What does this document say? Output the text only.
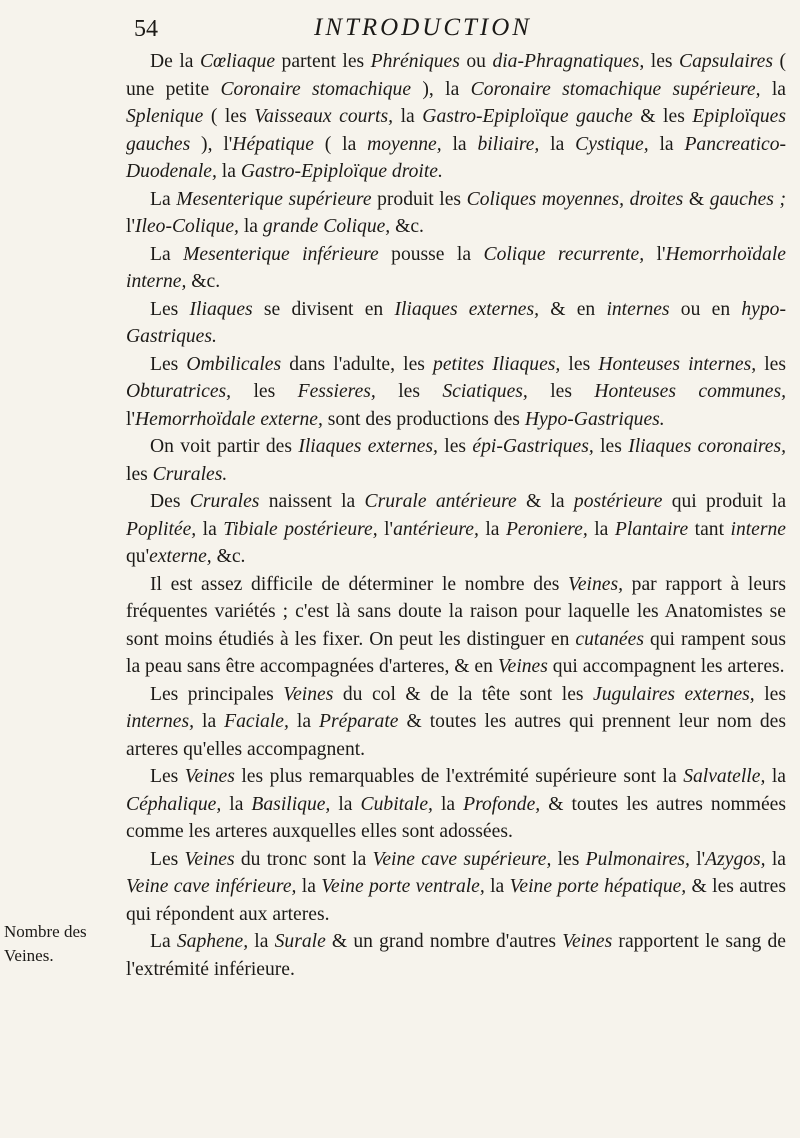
54	INTRODUCTION
Nombre des
Veines.

De la Cœliaque partent les Phréniques ou dia-Phragnatiques, les Capsulaires ( une petite Coronaire stomachique ), la Coronaire stomachique supérieure, la Splenique ( les Vaisseaux courts, la Gastro-Epiploïque gauche & les Epiploïques gauches ), l'Hépatique ( la moyenne, la biliaire, la Cystique, la Pancreatico-Duodenale, la Gastro-Epiploïque droite.

La Mesenterique supérieure produit les Coliques moyennes, droites & gauches ; l'Ileo-Colique, la grande Colique, &c.

La Mesenterique inférieure pousse la Colique recurrente, l'Hemorrhoïdale interne, &c.

Les Iliaques se divisent en Iliaques externes, & en internes ou en hypo-Gastriques.

Les Ombilicales dans l'adulte, les petites Iliaques, les Honteuses internes, les Obturatrices, les Fessieres, les Sciatiques, les Honteuses communes, l'Hemorrhoïdale externe, sont des productions des Hypo-Gastriques.

On voit partir des Iliaques externes, les épi-Gastriques, les Iliaques coronaires, les Crurales.

Des Crurales naissent la Crurale antérieure & la postérieure qui produit la Poplitée, la Tibiale postérieure, l'antérieure, la Peroniere, la Plantaire tant interne qu'externe, &c.

Il est assez difficile de déterminer le nombre des Veines, par rapport à leurs fréquentes variétés ; c'est là sans doute la raison pour laquelle les Anatomistes se sont moins étudiés à les fixer. On peut les distinguer en cutanées qui rampent sous la peau sans être accompagnées d'arteres, & en Veines qui accompagnent les arteres.

Les principales Veines du col & de la tête sont les Jugulaires externes, les internes, la Faciale, la Préparate & toutes les autres qui prennent leur nom des arteres qu'elles accompagnent.

Les Veines les plus remarquables de l'extrémité supérieure sont la Salvatelle, la Céphalique, la Basilique, la Cubitale, la Profonde, & toutes les autres nommées comme les arteres auxquelles elles sont adossées.

Les Veines du tronc sont la Veine cave supérieure, les Pulmonaires, l'Azygos, la Veine cave inférieure, la Veine porte ventrale, la Veine porte hépatique, & les autres qui répondent aux arteres.

La Saphene, la Surale & un grand nombre d'autres Veines rapportent le sang de l'extrémité inférieure.
